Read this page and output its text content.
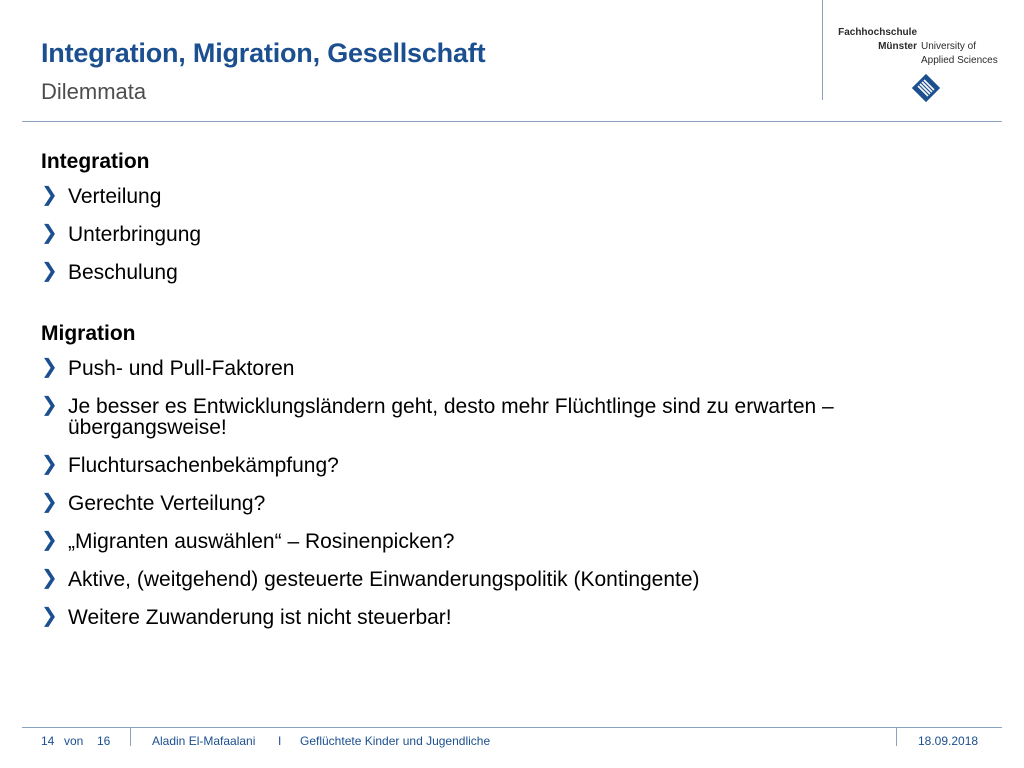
Integration, Migration, Gesellschaft
Dilemmata
Fachhochschule
Münster University of
Applied Sciences
Integration
❯ Verteilung
❯ Unterbringung
❯ Beschulung
Migration
❯ Push- und Pull-Faktoren
❯ Je besser es Entwicklungsländern geht, desto mehr Flüchtlinge sind zu erwarten – übergangsweise!
❯ Fluchtursachenbekämpfung?
❯ Gerechte Verteilung?
❯ „Migranten auswählen“ – Rosinenpicken?
❯ Aktive, (weitgehend) gesteuerte Einwanderungspolitik (Kontingente)
❯ Weitere Zuwanderung ist nicht steuerbar!
14 von 16	Aladin El-Mafaalani I Geflüchtete Kinder und Jugendliche	18.09.2018
